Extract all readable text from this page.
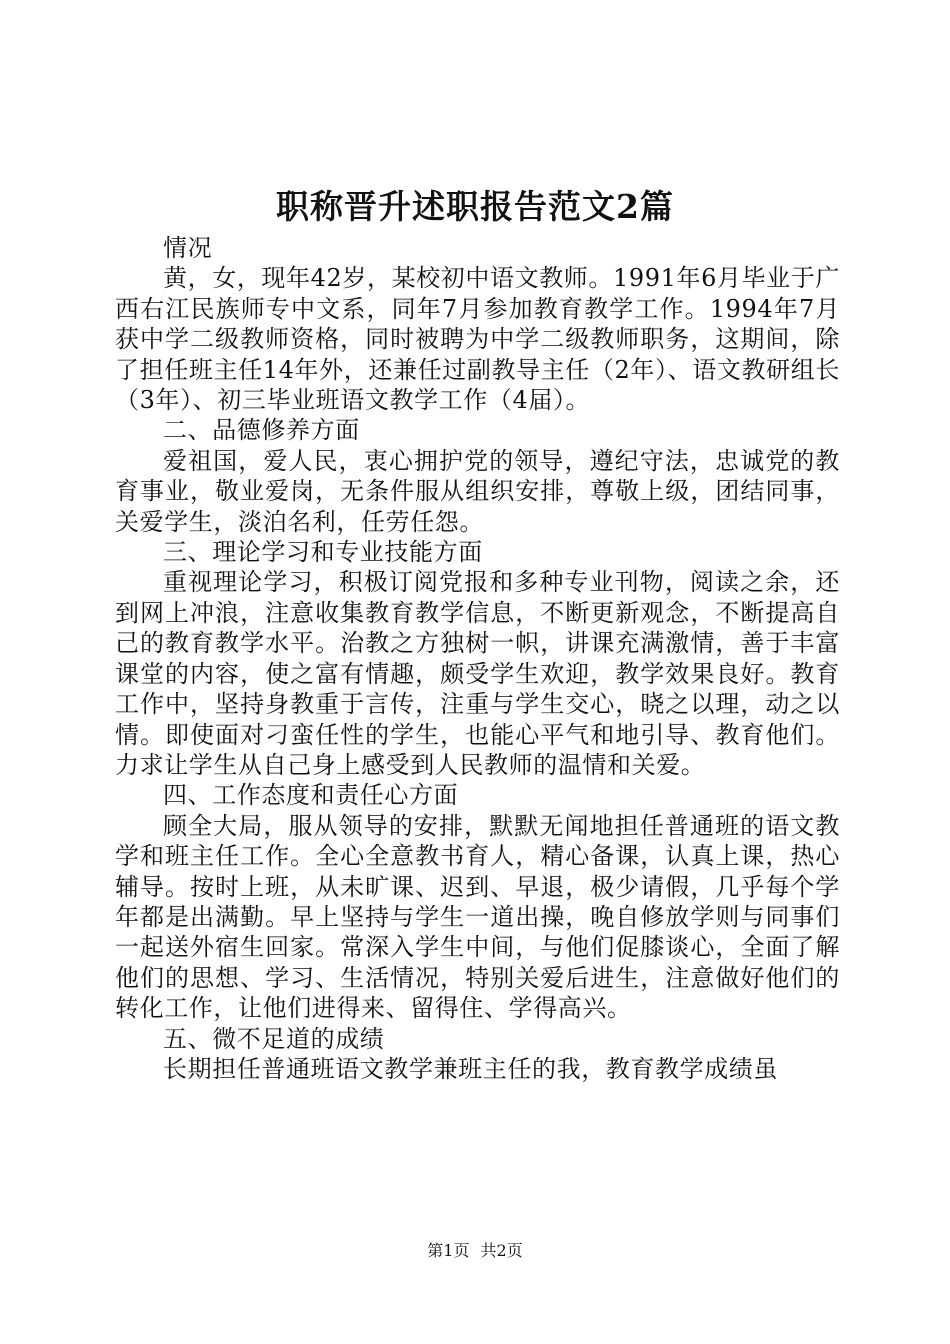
职称晋升述职报告范文2篇

情况

黄，女，现年42岁，某校初中语文教师。1991年6月毕业于广西右江民族师专中文系，同年7月参加教育教学工作。1994年7月获中学二级教师资格，同时被聘为中学二级教师职务，这期间，除了担任班主任14年外，还兼任过副教导主任（2年）、语文教研组长（3年）、初三毕业班语文教学工作（4届）。

二、品德修养方面

爱祖国，爱人民，衷心拥护党的领导，遵纪守法，忠诚党的教育事业，敬业爱岗，无条件服从组织安排，尊敬上级，团结同事，关爱学生，淡泊名利，任劳任怨。

三、理论学习和专业技能方面

重视理论学习，积极订阅党报和多种专业刊物，阅读之余，还到网上冲浪，注意收集教育教学信息，不断更新观念，不断提高自己的教育教学水平。治教之方独树一帜，讲课充满激情，善于丰富课堂的内容，使之富有情趣，颇受学生欢迎，教学效果良好。教育工作中，坚持身教重于言传，注重与学生交心，晓之以理，动之以情。即使面对刁蛮任性的学生，也能心平气和地引导、教育他们。力求让学生从自己身上感受到人民教师的温情和关爱。

四、工作态度和责任心方面

顾全大局，服从领导的安排，默默无闻地担任普通班的语文教学和班主任工作。全心全意教书育人，精心备课，认真上课，热心辅导。按时上班，从未旷课、迟到、早退，极少请假，几乎每个学年都是出满勤。早上坚持与学生一道出操，晚自修放学则与同事们一起送外宿生回家。常深入学生中间，与他们促膝谈心，全面了解他们的思想、学习、生活情况，特别关爱后进生，注意做好他们的转化工作，让他们进得来、留得住、学得高兴。

五、微不足道的成绩

长期担任普通班语文教学兼班主任的我，教育教学成绩虽

第1页 共2页
